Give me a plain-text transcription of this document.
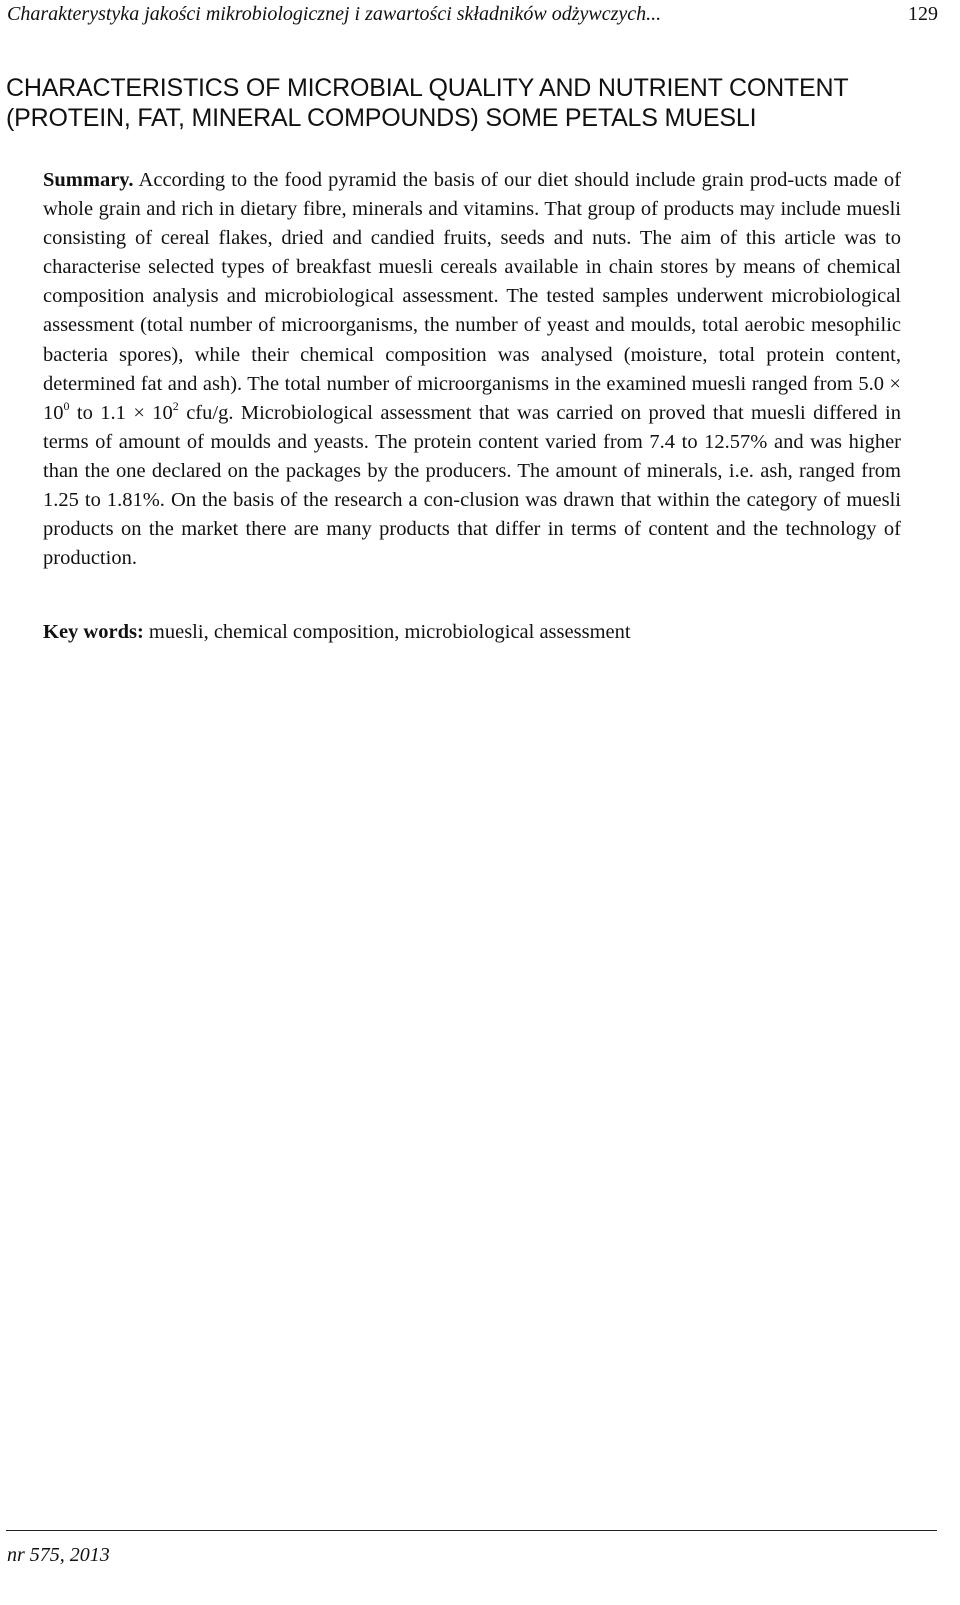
Charakterystyka jakości mikrobiologicznej i zawartości składników odżywczych...	129
CHARACTERISTICS OF MICROBIAL QUALITY AND NUTRIENT CONTENT
(PROTEIN, FAT, MINERAL COMPOUNDS) SOME PETALS MUESLI

Summary. According to the food pyramid the basis of our diet should include grain prod-ucts made of whole grain and rich in dietary fibre, minerals and vitamins. That group of products may include muesli consisting of cereal flakes, dried and candied fruits, seeds and nuts. The aim of this article was to characterise selected types of breakfast muesli cereals available in chain stores by means of chemical composition analysis and microbiological assessment. The tested samples underwent microbiological assessment (total number of microorganisms, the number of yeast and moulds, total aerobic mesophilic bacteria spores), while their chemical composition was analysed (moisture, total protein content, determined fat and ash). The total number of microorganisms in the examined muesli ranged from $5.0 \times 10^0$ to $1.1 \times 10^2$ cfu/g. Microbiological assessment that was carried on proved that muesli differed in terms of amount of moulds and yeasts. The protein content varied from 7.4 to 12.57% and was higher than the one declared on the packages by the producers. The amount of minerals, i.e. ash, ranged from 1.25 to 1.81%. On the basis of the research a con-clusion was drawn that within the category of muesli products on the market there are many products that differ in terms of content and the technology of production.

Key words: muesli, chemical composition, microbiological assessment

nr 575, 2013
